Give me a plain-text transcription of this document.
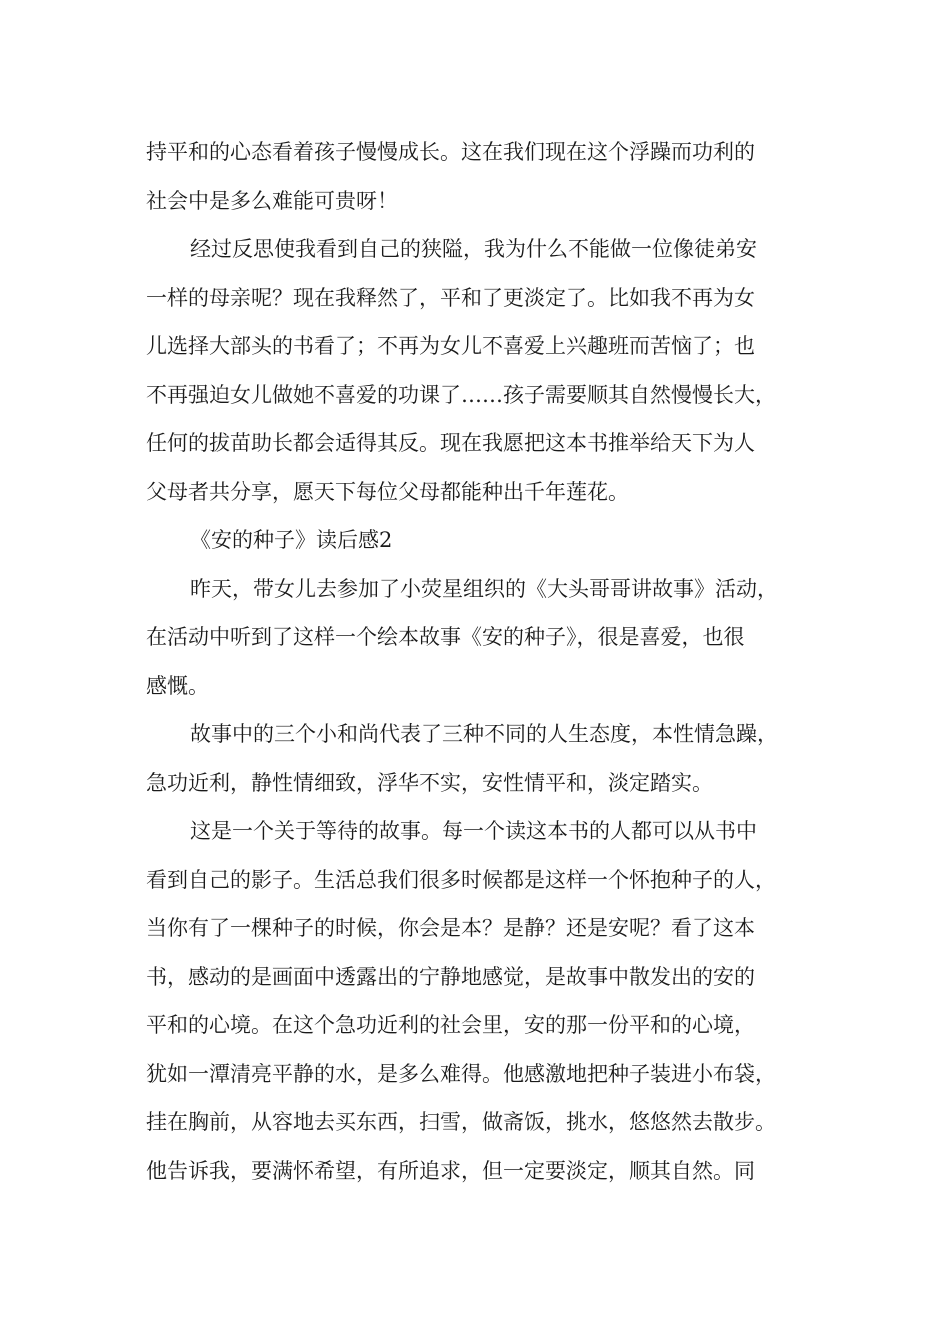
持平和的心态看着孩子慢慢成长。这在我们现在这个浮躁而功利的
社会中是多么难能可贵呀！
经过反思使我看到自己的狭隘，我为什么不能做一位像徒弟安
一样的母亲呢？现在我释然了，平和了更淡定了。比如我不再为女
儿选择大部头的书看了；不再为女儿不喜爱上兴趣班而苦恼了；也
不再强迫女儿做她不喜爱的功课了……孩子需要顺其自然慢慢长大，
任何的拔苗助长都会适得其反。现在我愿把这本书推举给天下为人
父母者共分享，愿天下每位父母都能种出千年莲花。
《安的种子》读后感2
昨天，带女儿去参加了小荧星组织的《大头哥哥讲故事》活动，
在活动中听到了这样一个绘本故事《安的种子》，很是喜爱，也很
感慨。
故事中的三个小和尚代表了三种不同的人生态度，本性情急躁，
急功近利，静性情细致，浮华不实，安性情平和，淡定踏实。
这是一个关于等待的故事。每一个读这本书的人都可以从书中
看到自己的影子。生活总我们很多时候都是这样一个怀抱种子的人，
当你有了一棵种子的时候，你会是本？是静？还是安呢？看了这本
书，感动的是画面中透露出的宁静地感觉，是故事中散发出的安的
平和的心境。在这个急功近利的社会里，安的那一份平和的心境，
犹如一潭清亮平静的水，是多么难得。他感激地把种子装进小布袋，
挂在胸前，从容地去买东西，扫雪，做斋饭，挑水，悠悠然去散步。
他告诉我，要满怀希望，有所追求，但一定要淡定，顺其自然。同
